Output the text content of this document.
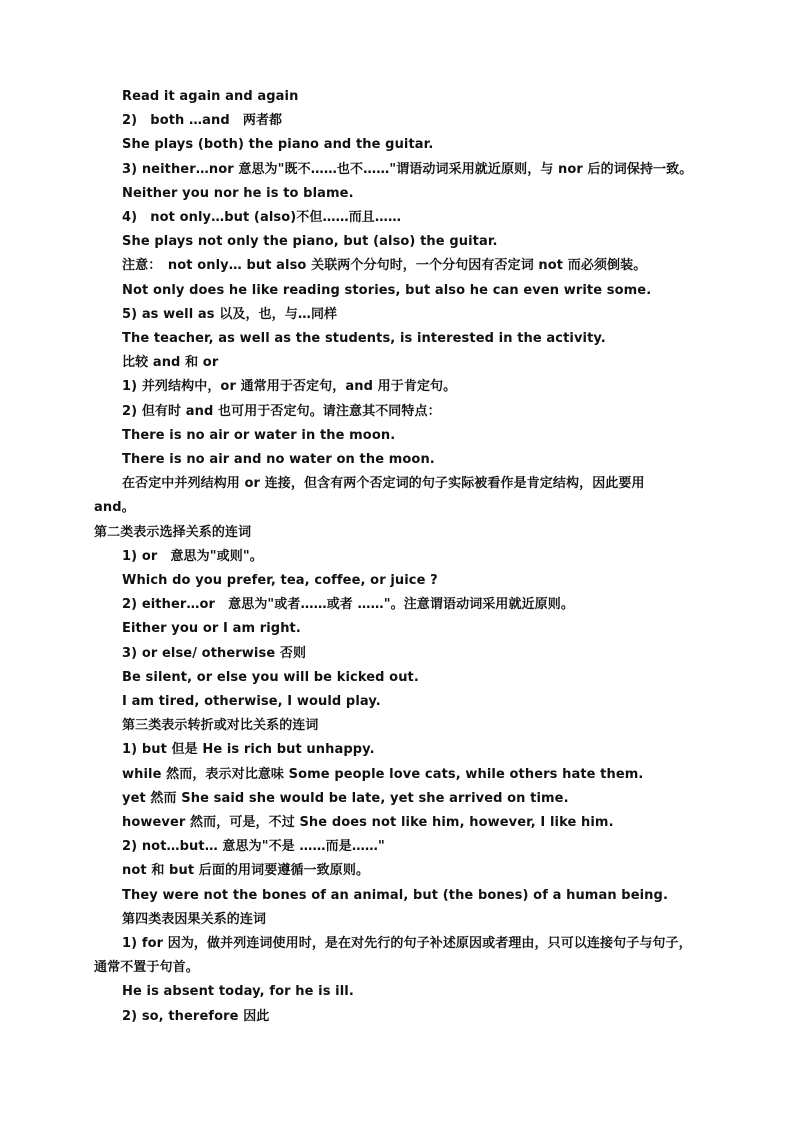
Read it again and again
2)　both …and　两者都
She plays (both) the piano and the guitar.
3) neither…nor 意思为"既不……也不……"谓语动词采用就近原则，与 nor 后的词保持一致。
Neither you nor he is to blame.
4)　not only…but (also)不但……而且……
She plays not only the piano, but (also) the guitar.
注意：　not only… but also 关联两个分句时，一个分句因有否定词 not 而必须倒装。
Not only does he like reading stories, but also he can even write some.
5) as well as 以及，也，与…同样
The teacher, as well as the students, is interested in the activity.
比较 and 和 or
1) 并列结构中，or 通常用于否定句，and 用于肯定句。
2) 但有时 and 也可用于否定句。请注意其不同特点：
There is no air or water in the moon.
There is no air and no water on the moon.
在否定中并列结构用 or 连接，但含有两个否定词的句子实际被看作是肯定结构，因此要用
and。
第二类表示选择关系的连词
1) or　意思为"或则"。
Which do you prefer, tea, coffee, or juice ?
2) either…or　意思为"或者……或者 ……"。注意谓语动词采用就近原则。
Either you or I am right.
3) or else/ otherwise 否则
Be silent, or else you will be kicked out.
I am tired, otherwise, I would play.
第三类表示转折或对比关系的连词
1) but 但是 He is rich but unhappy.
while 然而，表示对比意味 Some people love cats, while others hate them.
yet 然而 She said she would be late, yet she arrived on time.
however 然而，可是，不过 She does not like him, however, I like him.
2) not…but… 意思为"不是 ……而是……"
not 和 but 后面的用词要遵循一致原则。
They were not the bones of an animal, but (the bones) of a human being.
第四类表因果关系的连词
1) for 因为，做并列连词使用时，是在对先行的句子补述原因或者理由，只可以连接句子与句子，
通常不置于句首。
He is absent today, for he is ill.
2) so, therefore 因此
